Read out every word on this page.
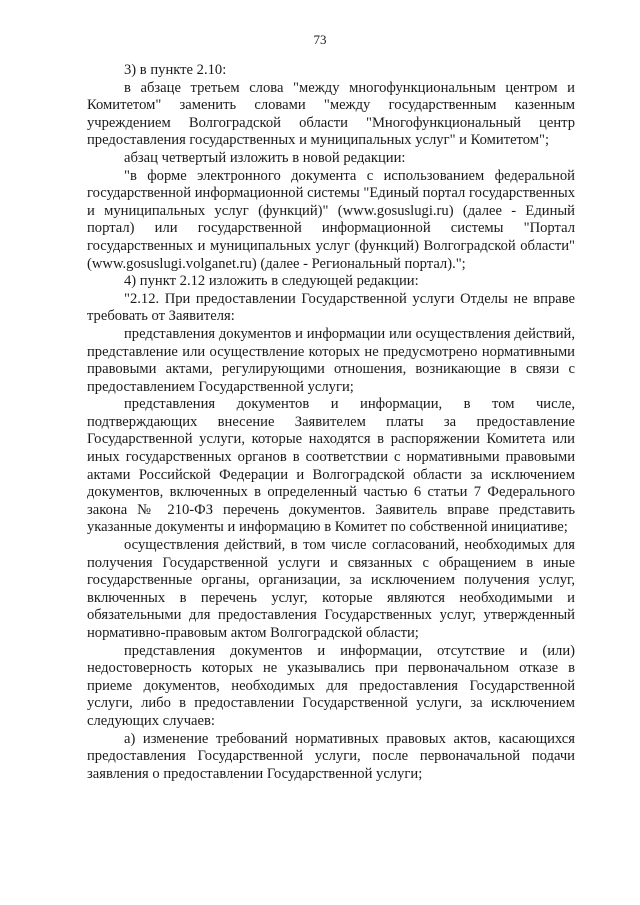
73

3) в пункте 2.10:

в абзаце третьем слова "между многофункциональным центром и Комитетом" заменить словами "между государственным казенным учреждением Волгоградской области "Многофункциональный центр предоставления государственных и муниципальных услуг" и Комитетом";

абзац четвертый изложить в новой редакции:

"в форме электронного документа с использованием федеральной государственной информационной системы "Единый портал государственных и муниципальных услуг (функций)" (www.gosuslugi.ru) (далее - Единый портал) или государственной информационной системы "Портал государственных и муниципальных услуг (функций) Волгоградской области" (www.gosuslugi.volganet.ru) (далее - Региональный портал).";

4) пункт 2.12 изложить в следующей редакции:

"2.12. При предоставлении Государственной услуги Отделы не вправе требовать от Заявителя:

представления документов и информации или осуществления действий, представление или осуществление которых не предусмотрено нормативными правовыми актами, регулирующими отношения, возникающие в связи с предоставлением Государственной услуги;

представления документов и информации, в том числе, подтверждающих внесение Заявителем платы за предоставление Государственной услуги, которые находятся в распоряжении Комитета или иных государственных органов в соответствии с нормативными правовыми актами Российской Федерации и Волгоградской области за исключением документов, включенных в определенный частью 6 статьи 7 Федерального закона № 210-ФЗ перечень документов. Заявитель вправе представить указанные документы и информацию в Комитет по собственной инициативе;

осуществления действий, в том числе согласований, необходимых для получения Государственной услуги и связанных с обращением в иные государственные органы, организации, за исключением получения услуг, включенных в перечень услуг, которые являются необходимыми и обязательными для предоставления Государственных услуг, утвержденный нормативно-правовым актом Волгоградской области;

представления документов и информации, отсутствие и (или) недостоверность которых не указывались при первоначальном отказе в приеме документов, необходимых для предоставления Государственной услуги, либо в предоставлении Государственной услуги, за исключением следующих случаев:

а) изменение требований нормативных правовых актов, касающихся предоставления Государственной услуги, после первоначальной подачи заявления о предоставлении Государственной услуги;
